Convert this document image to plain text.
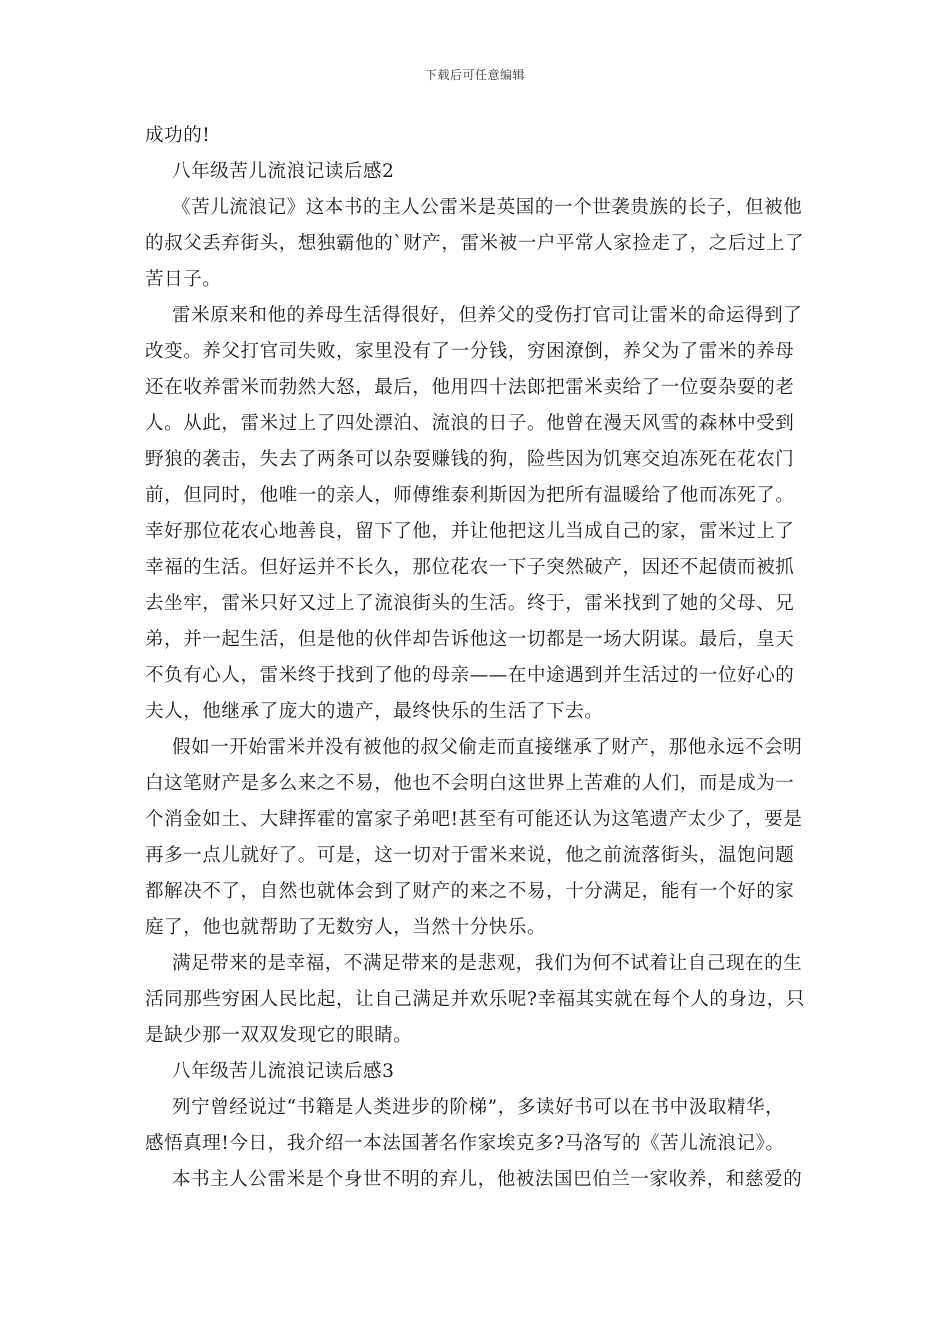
下载后可任意编辑

成功的!

八年级苦儿流浪记读后感2

《苦儿流浪记》这本书的主人公雷米是英国的一个世袭贵族的长子，但被他

的叔父丢弃街头，想独霸他的`财产，雷米被一户平常人家捡走了，之后过上了

苦日子。

雷米原来和他的养母生活得很好，但养父的受伤打官司让雷米的命运得到了

改变。养父打官司失败，家里没有了一分钱，穷困潦倒，养父为了雷米的养母

还在收养雷米而勃然大怒，最后，他用四十法郎把雷米卖给了一位耍杂耍的老

人。从此，雷米过上了四处漂泊、流浪的日子。他曾在漫天风雪的森林中受到

野狼的袭击，失去了两条可以杂耍赚钱的狗，险些因为饥寒交迫冻死在花农门

前，但同时，他唯一的亲人，师傅维泰利斯因为把所有温暖给了他而冻死了。

幸好那位花农心地善良，留下了他，并让他把这儿当成自己的家，雷米过上了

幸福的生活。但好运并不长久，那位花农一下子突然破产，因还不起债而被抓

去坐牢，雷米只好又过上了流浪街头的生活。终于，雷米找到了她的父母、兄

弟，并一起生活，但是他的伙伴却告诉他这一切都是一场大阴谋。最后，皇天

不负有心人，雷米终于找到了他的母亲——在中途遇到并生活过的一位好心的

夫人，他继承了庞大的遗产，最终快乐的生活了下去。

假如一开始雷米并没有被他的叔父偷走而直接继承了财产，那他永远不会明

白这笔财产是多么来之不易，他也不会明白这世界上苦难的人们，而是成为一

个消金如土、大肆挥霍的富家子弟吧!甚至有可能还认为这笔遗产太少了，要是

再多一点儿就好了。可是，这一切对于雷米来说，他之前流落街头，温饱问题

都解决不了，自然也就体会到了财产的来之不易，十分满足，能有一个好的家

庭了，他也就帮助了无数穷人，当然十分快乐。

满足带来的是幸福，不满足带来的是悲观，我们为何不试着让自己现在的生

活同那些穷困人民比起，让自己满足并欢乐呢?幸福其实就在每个人的身边，只

是缺少那一双双发现它的眼睛。

八年级苦儿流浪记读后感3

列宁曾经说过“书籍是人类进步的阶梯”，多读好书可以在书中汲取精华，

感悟真理!今日，我介绍一本法国著名作家埃克多?马洛写的《苦儿流浪记》。

本书主人公雷米是个身世不明的弃儿，他被法国巴伯兰一家收养，和慈爱的
